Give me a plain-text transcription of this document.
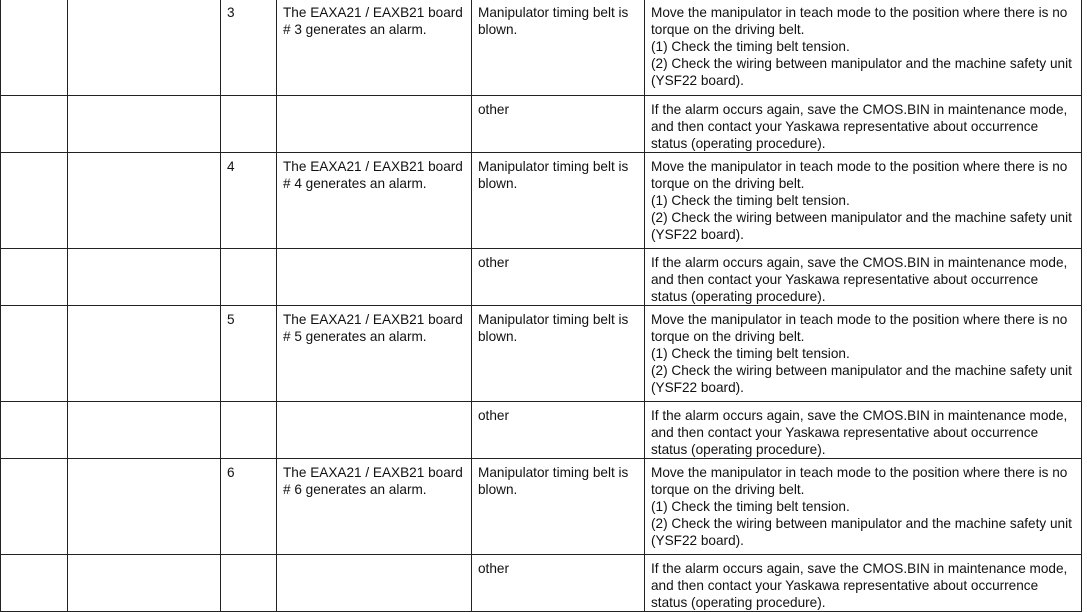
		3	The EAXA21 / EAXB21 board # 3 generates an alarm.	Manipulator timing belt is blown.	Move the manipulator in teach mode to the position where there is no
torque on the driving belt.
(1) Check the timing belt tension.
(2) Check the wiring between manipulator and the machine safety unit
(YSF22 board).

				other	If the alarm occurs again, save the CMOS.BIN in maintenance mode,
and then contact your Yaskawa representative about occurrence
status (operating procedure).

		4	The EAXA21 / EAXB21 board # 4 generates an alarm.	Manipulator timing belt is blown.	Move the manipulator in teach mode to the position where there is no
torque on the driving belt.
(1) Check the timing belt tension.
(2) Check the wiring between manipulator and the machine safety unit
(YSF22 board).

				other	If the alarm occurs again, save the CMOS.BIN in maintenance mode,
and then contact your Yaskawa representative about occurrence
status (operating procedure).

		5	The EAXA21 / EAXB21 board # 5 generates an alarm.	Manipulator timing belt is blown.	Move the manipulator in teach mode to the position where there is no
torque on the driving belt.
(1) Check the timing belt tension.
(2) Check the wiring between manipulator and the machine safety unit
(YSF22 board).

				other	If the alarm occurs again, save the CMOS.BIN in maintenance mode,
and then contact your Yaskawa representative about occurrence
status (operating procedure).

		6	The EAXA21 / EAXB21 board # 6 generates an alarm.	Manipulator timing belt is blown.	Move the manipulator in teach mode to the position where there is no
torque on the driving belt.
(1) Check the timing belt tension.
(2) Check the wiring between manipulator and the machine safety unit
(YSF22 board).

				other	If the alarm occurs again, save the CMOS.BIN in maintenance mode,
and then contact your Yaskawa representative about occurrence
status (operating procedure).
